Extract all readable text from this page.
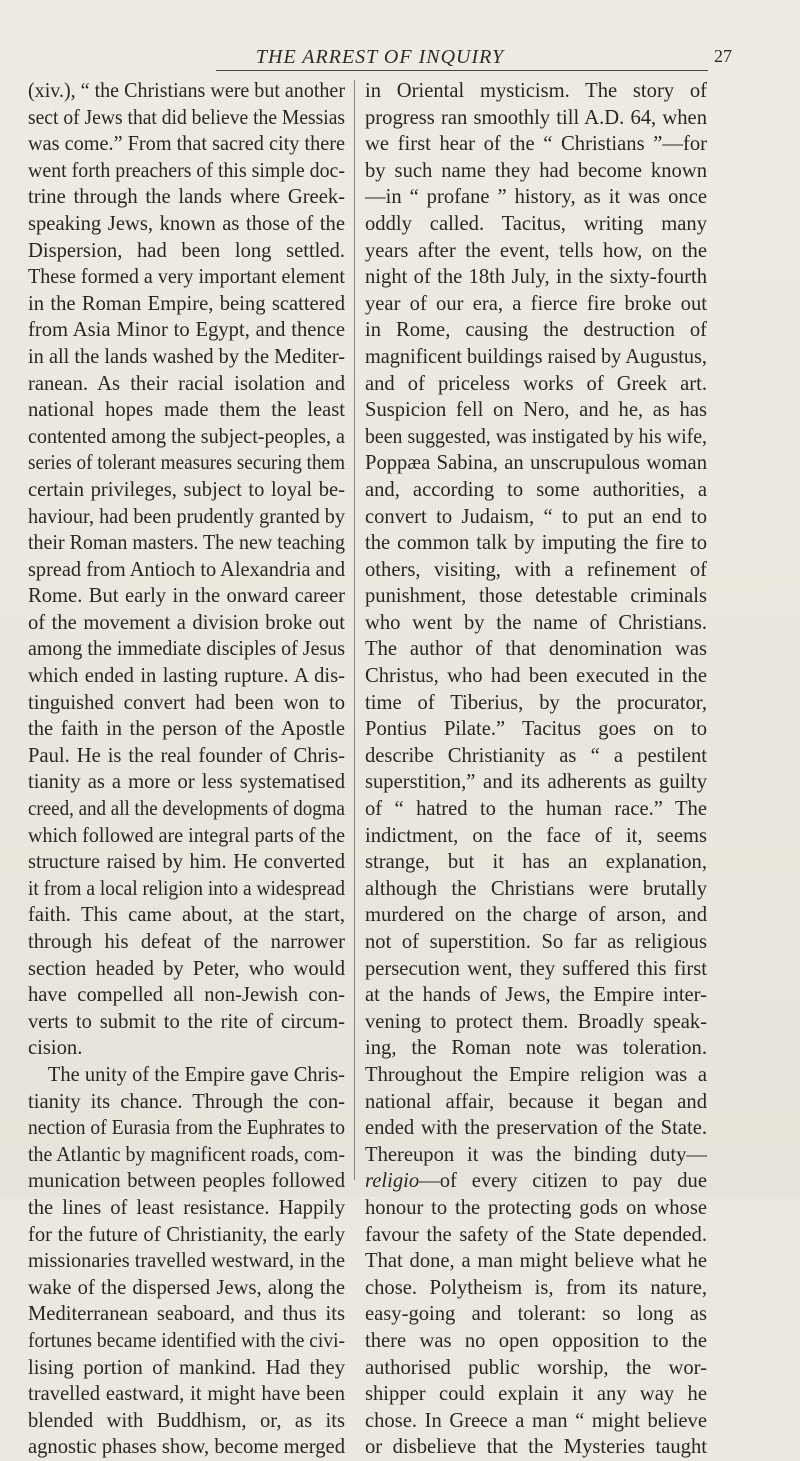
THE ARREST OF INQUIRY	27
(xiv.), “ the Christians were but another
sect of Jews that did believe the Messias
was come.” From that sacred city there
went forth preachers of this simple doc-
trine through the lands where Greek-
speaking Jews, known as those of the
Dispersion, had been long settled.
These formed a very important element
in the Roman Empire, being scattered
from Asia Minor to Egypt, and thence
in all the lands washed by the Mediter-
ranean. As their racial isolation and
national hopes made them the least
contented among the subject-peoples, a
series of tolerant measures securing them
certain privileges, subject to loyal be-
haviour, had been prudently granted by
their Roman masters. The new teaching
spread from Antioch to Alexandria and
Rome. But early in the onward career
of the movement a division broke out
among the immediate disciples of Jesus
which ended in lasting rupture. A dis-
tinguished convert had been won to
the faith in the person of the Apostle
Paul. He is the real founder of Chris-
tianity as a more or less systematised
creed, and all the developments of dogma
which followed are integral parts of the
structure raised by him. He converted
it from a local religion into a widespread
faith. This came about, at the start,
through his defeat of the narrower
section headed by Peter, who would
have compelled all non-Jewish con-
verts to submit to the rite of circum-
cision.
The unity of the Empire gave Chris-
tianity its chance. Through the con-
nection of Eurasia from the Euphrates to
the Atlantic by magnificent roads, com-
munication between peoples followed
the lines of least resistance. Happily
for the future of Christianity, the early
missionaries travelled westward, in the
wake of the dispersed Jews, along the
Mediterranean seaboard, and thus its
fortunes became identified with the civi-
lising portion of mankind. Had they
travelled eastward, it might have been
blended with Buddhism, or, as its
agnostic phases show, become merged
in Oriental mysticism. The story of
progress ran smoothly till A.D. 64, when
we first hear of the “ Christians ”—for
by such name they had become known
—in “ profane ” history, as it was once
oddly called. Tacitus, writing many
years after the event, tells how, on the
night of the 18th July, in the sixty-fourth
year of our era, a fierce fire broke out
in Rome, causing the destruction of
magnificent buildings raised by Augustus,
and of priceless works of Greek art.
Suspicion fell on Nero, and he, as has
been suggested, was instigated by his wife,
Poppæa Sabina, an unscrupulous woman
and, according to some authorities, a
convert to Judaism, “ to put an end to
the common talk by imputing the fire to
others, visiting, with a refinement of
punishment, those detestable criminals
who went by the name of Christians.
The author of that denomination was
Christus, who had been executed in the
time of Tiberius, by the procurator,
Pontius Pilate.” Tacitus goes on to
describe Christianity as “ a pestilent
superstition,” and its adherents as guilty
of “ hatred to the human race.” The
indictment, on the face of it, seems
strange, but it has an explanation,
although the Christians were brutally
murdered on the charge of arson, and
not of superstition. So far as religious
persecution went, they suffered this first
at the hands of Jews, the Empire inter-
vening to protect them. Broadly speak-
ing, the Roman note was toleration.
Throughout the Empire religion was a
national affair, because it began and
ended with the preservation of the State.
Thereupon it was the binding duty—
religio—of every citizen to pay due
honour to the protecting gods on whose
favour the safety of the State depended.
That done, a man might believe what he
chose. Polytheism is, from its nature,
easy-going and tolerant: so long as
there was no open opposition to the
authorised public worship, the wor-
shipper could explain it any way he
chose. In Greece a man “ might believe
or disbelieve that the Mysteries taught
